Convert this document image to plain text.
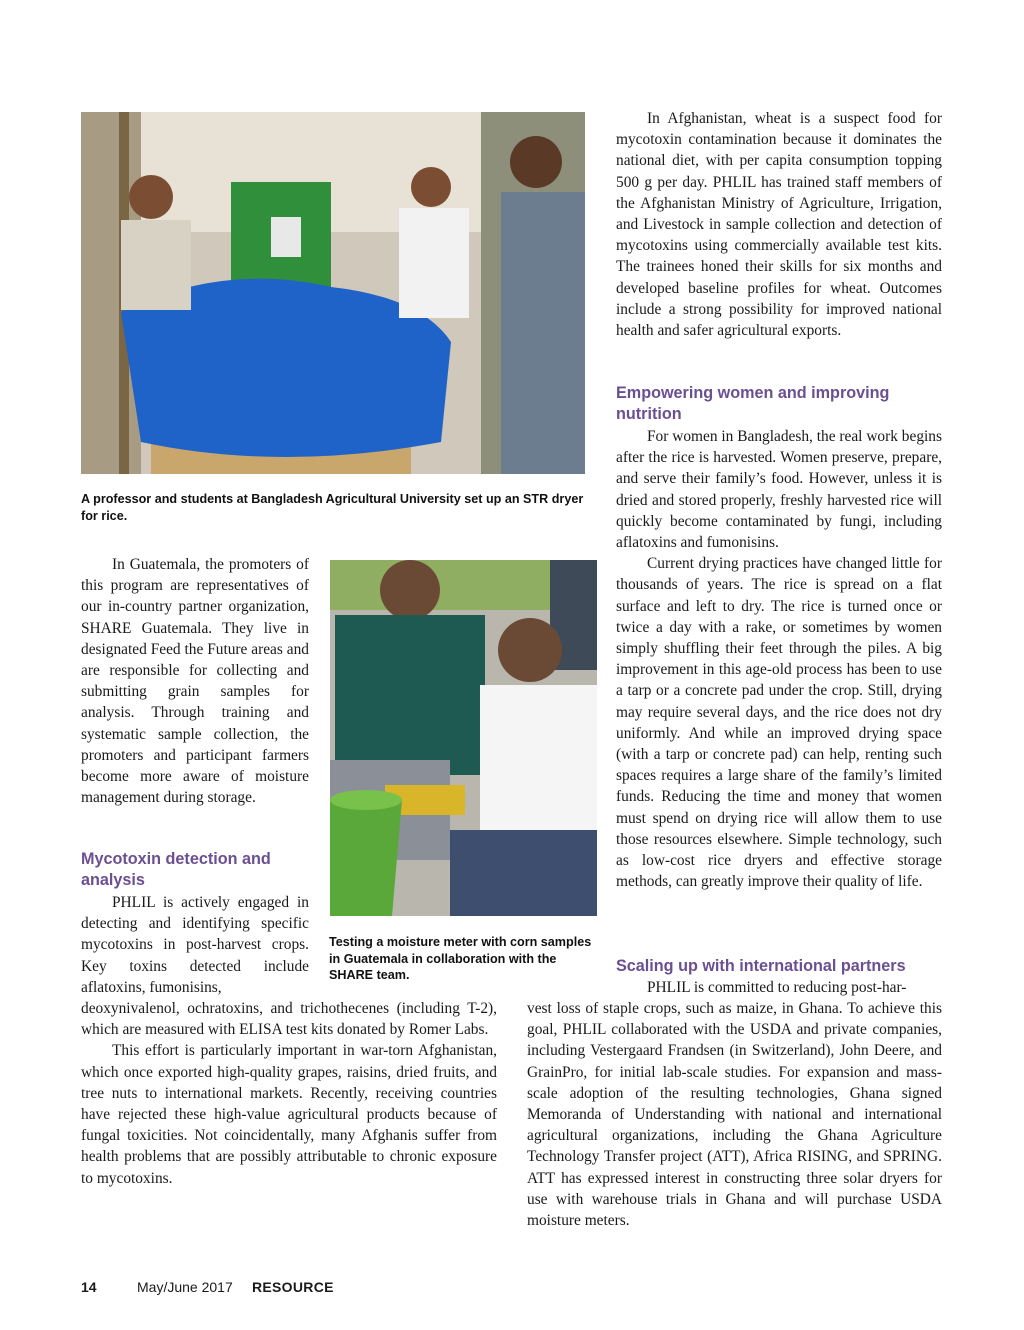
A professor and students at Bangladesh Agricultural University set up an STR dryer for rice.

Testing a moisture meter with corn samples in Guatemala in collaboration with the SHARE team.

In Guatemala, the promoters of this program are representatives of our in-country partner organization, SHARE Guatemala. They live in designated Feed the Future areas and are responsible for collecting and submitting grain samples for analysis. Through training and systematic sample collection, the promoters and participant farmers become more aware of moisture management during storage.

Mycotoxin detection and analysis

PHLIL is actively engaged in detecting and identifying specific mycotoxins in post-harvest crops. Key toxins detected include aflatoxins, fumonisins,

deoxynivalenol, ochratoxins, and trichothecenes (including T-2), which are measured with ELISA test kits donated by Romer Labs.

This effort is particularly important in war-torn Afghanistan, which once exported high-quality grapes, raisins, dried fruits, and tree nuts to international markets. Recently, receiving countries have rejected these high-value agricultural products because of fungal toxicities. Not coincidentally, many Afghanis suffer from health problems that are possibly attributable to chronic exposure to mycotoxins.

In Afghanistan, wheat is a suspect food for mycotoxin contamination because it dominates the national diet, with per capita consumption topping 500 g per day. PHLIL has trained staff members of the Afghanistan Ministry of Agriculture, Irrigation, and Livestock in sample collection and detection of mycotoxins using commercially available test kits. The trainees honed their skills for six months and developed baseline profiles for wheat. Outcomes include a strong possibility for improved national health and safer agricultural exports.

Empowering women and improving nutrition

For women in Bangladesh, the real work begins after the rice is harvested. Women preserve, prepare, and serve their family’s food. However, unless it is dried and stored properly, freshly harvested rice will quickly become contaminated by fungi, including aflatoxins and fumonisins.

Current drying practices have changed little for thousands of years. The rice is spread on a flat surface and left to dry. The rice is turned once or twice a day with a rake, or sometimes by women simply shuffling their feet through the piles. A big improvement in this age-old process has been to use a tarp or a concrete pad under the crop. Still, drying may require several days, and the rice does not dry uniformly. And while an improved drying space (with a tarp or concrete pad) can help, renting such spaces requires a large share of the family’s limited funds. Reducing the time and money that women must spend on drying rice will allow them to use those resources elsewhere. Simple technology, such as low-cost rice dryers and effective storage methods, can greatly improve their quality of life.

Scaling up with international partners

PHLIL is committed to reducing post-har-

vest loss of staple crops, such as maize, in Ghana. To achieve this goal, PHLIL collaborated with the USDA and private companies, including Vestergaard Frandsen (in Switzerland), John Deere, and GrainPro, for initial lab-scale studies. For expansion and mass-scale adoption of the resulting technologies, Ghana signed Memoranda of Understanding with national and international agricultural organizations, including the Ghana Agriculture Technology Transfer project (ATT), Africa RISING, and SPRING. ATT has expressed interest in constructing three solar dryers for use with warehouse trials in Ghana and will purchase USDA moisture meters.

14	May/June 2017 RESOURCE
